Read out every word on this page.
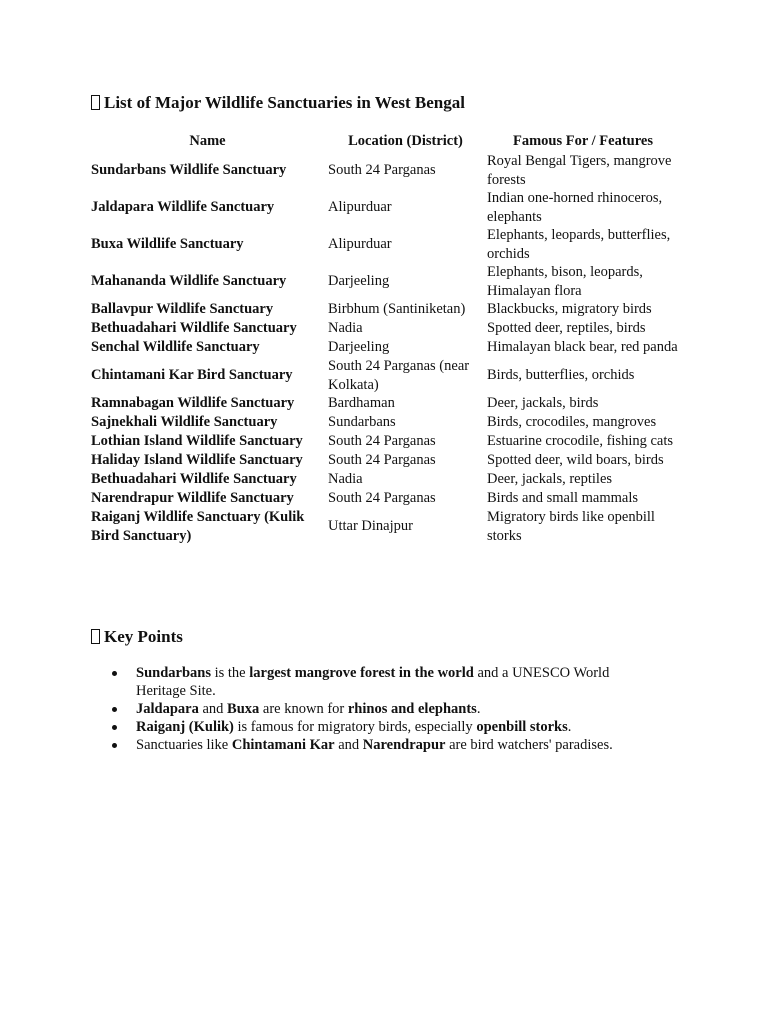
List of Major Wildlife Sanctuaries in West Bengal
Name	Location (District)	Famous For / Features
Sundarbans Wildlife Sanctuary	South 24 Parganas	Royal Bengal Tigers, mangrove forests
Jaldapara Wildlife Sanctuary	Alipurduar	Indian one-horned rhinoceros, elephants
Buxa Wildlife Sanctuary	Alipurduar	Elephants, leopards, butterflies, orchids
Mahananda Wildlife Sanctuary	Darjeeling	Elephants, bison, leopards, Himalayan flora
Ballavpur Wildlife Sanctuary	Birbhum (Santiniketan)	Blackbucks, migratory birds
Bethuadahari Wildlife Sanctuary	Nadia	Spotted deer, reptiles, birds
Senchal Wildlife Sanctuary	Darjeeling	Himalayan black bear, red panda
Chintamani Kar Bird Sanctuary	South 24 Parganas (near Kolkata)	Birds, butterflies, orchids
Ramnabagan Wildlife Sanctuary	Bardhaman	Deer, jackals, birds
Sajnekhali Wildlife Sanctuary	Sundarbans	Birds, crocodiles, mangroves
Lothian Island Wildlife Sanctuary	South 24 Parganas	Estuarine crocodile, fishing cats
Haliday Island Wildlife Sanctuary	South 24 Parganas	Spotted deer, wild boars, birds
Bethuadahari Wildlife Sanctuary	Nadia	Deer, jackals, reptiles
Narendrapur Wildlife Sanctuary	South 24 Parganas	Birds and small mammals
Raiganj Wildlife Sanctuary (Kulik Bird Sanctuary)	Uttar Dinajpur	Migratory birds like openbill storks
Key Points
Sundarbans is the largest mangrove forest in the world and a UNESCO World Heritage Site.
Jaldapara and Buxa are known for rhinos and elephants.
Raiganj (Kulik) is famous for migratory birds, especially openbill storks.
Sanctuaries like Chintamani Kar and Narendrapur are bird watchers' paradises.
